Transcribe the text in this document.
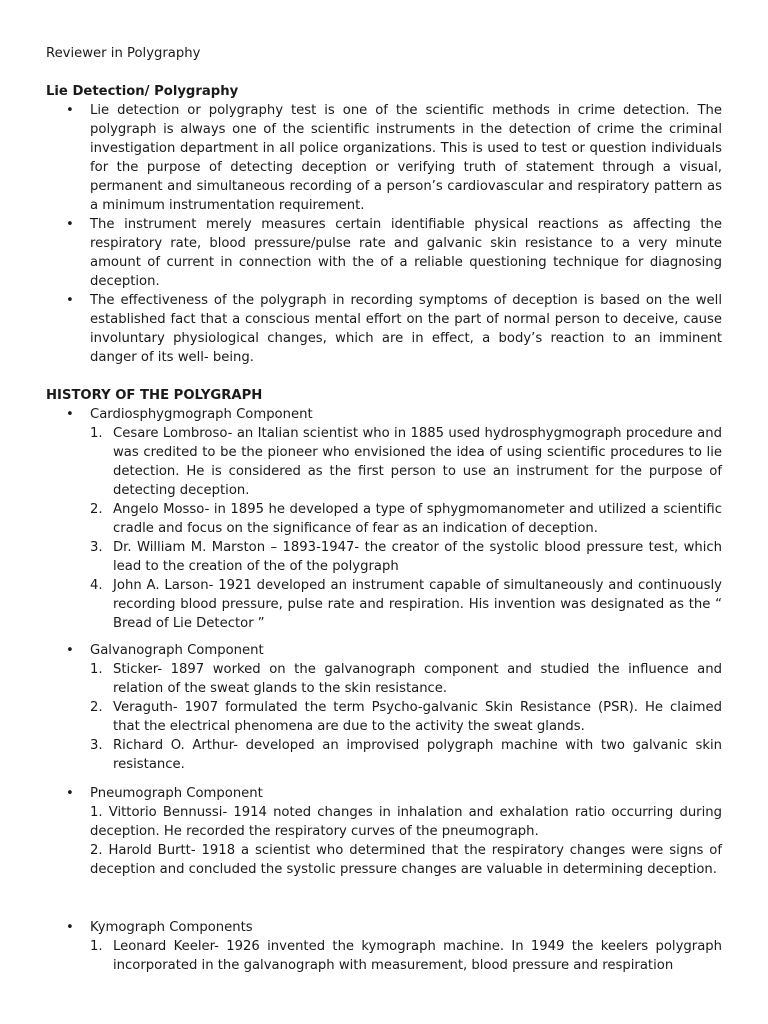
Reviewer in Polygraphy
Lie Detection/ Polygraphy
• Lie detection or polygraphy test is one of the scientific methods in crime detection. The polygraph is always one of the scientific instruments in the detection of crime the criminal investigation department in all police organizations. This is used to test or question individuals for the purpose of detecting deception or verifying truth of statement through a visual, permanent and simultaneous recording of a person’s cardiovascular and respiratory pattern as a minimum instrumentation requirement.
• The instrument merely measures certain identifiable physical reactions as affecting the respiratory rate, blood pressure/pulse rate and galvanic skin resistance to a very minute amount of current in connection with the of a reliable questioning technique for diagnosing deception.
• The effectiveness of the polygraph in recording symptoms of deception is based on the well established fact that a conscious mental effort on the part of normal person to deceive, cause involuntary physiological changes, which are in effect, a body’s reaction to an imminent danger of its well- being.
HISTORY OF THE POLYGRAPH
• Cardiosphygmograph Component
1. Cesare Lombroso- an Italian scientist who in 1885 used hydrosphygmograph procedure and was credited to be the pioneer who envisioned the idea of using scientific procedures to lie detection. He is considered as the first person to use an instrument for the purpose of detecting deception.
2. Angelo Mosso- in 1895 he developed a type of sphygmomanometer and utilized a scientific cradle and focus on the significance of fear as an indication of deception.
3. Dr. William M. Marston – 1893-1947- the creator of the systolic blood pressure test, which lead to the creation of the of the polygraph
4. John A. Larson- 1921 developed an instrument capable of simultaneously and continuously recording blood pressure, pulse rate and respiration. His invention was designated as the “ Bread of Lie Detector ”
• Galvanograph Component
1. Sticker- 1897 worked on the galvanograph component and studied the influence and relation of the sweat glands to the skin resistance.
2. Veraguth- 1907 formulated the term Psycho-galvanic Skin Resistance (PSR). He claimed that the electrical phenomena are due to the activity the sweat glands.
3. Richard O. Arthur- developed an improvised polygraph machine with two galvanic skin resistance.
• Pneumograph Component
1. Vittorio Bennussi- 1914 noted changes in inhalation and exhalation ratio occurring during deception. He recorded the respiratory curves of the pneumograph.
2. Harold Burtt- 1918 a scientist who determined that the respiratory changes were signs of deception and concluded the systolic pressure changes are valuable in determining deception.
• Kymograph Components
1. Leonard Keeler- 1926 invented the kymograph machine. In 1949 the keelers polygraph incorporated in the galvanograph with measurement, blood pressure and respiration
